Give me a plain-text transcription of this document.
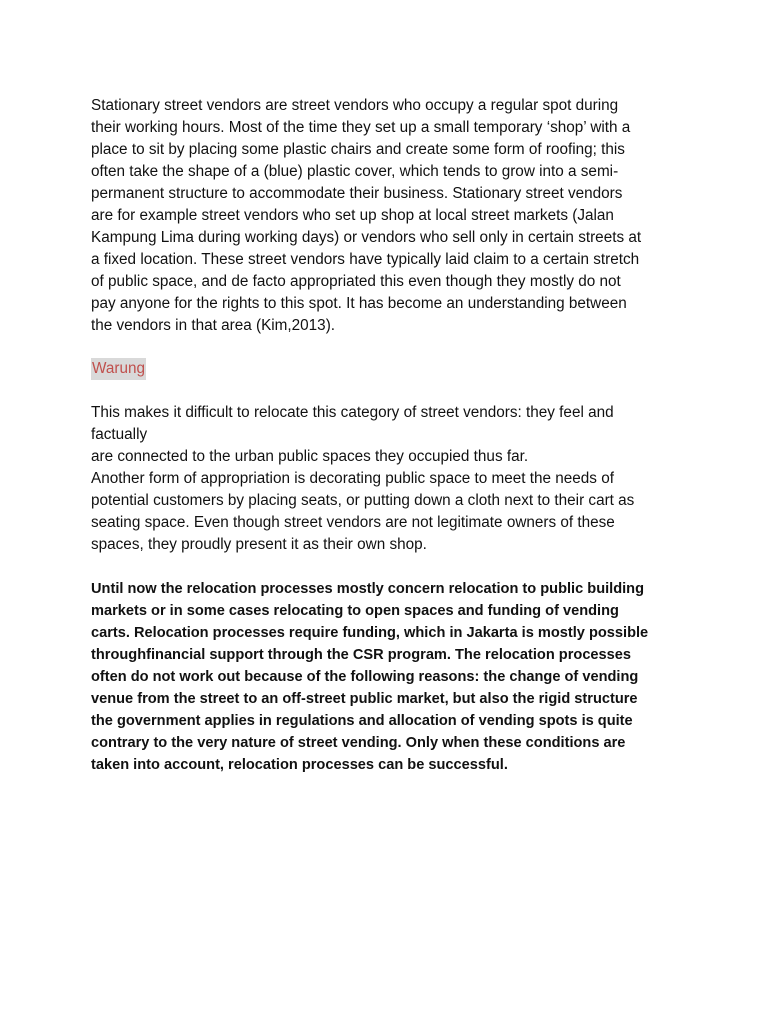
Stationary street vendors are street vendors who occupy a regular spot during
their working hours. Most of the time they set up a small temporary ‘shop’ with a
place to sit by placing some plastic chairs and create some form of roofing; this
often take the shape of a (blue) plastic cover, which tends to grow into a semi-
permanent structure to accommodate their business. Stationary street vendors
are for example street vendors who set up shop at local street markets (Jalan
Kampung Lima during working days) or vendors who sell only in certain streets at
a fixed location. These street vendors have typically laid claim to a certain stretch
of public space, and de facto appropriated this even though they mostly do not
pay anyone for the rights to this spot. It has become an understanding between
the vendors in that area (Kim,2013).

Warung

This makes it difficult to relocate this category of street vendors: they feel and
factually
are connected to the urban public spaces they occupied thus far.
Another form of appropriation is decorating public space to meet the needs of
potential customers by placing seats, or putting down a cloth next to their cart as
seating space. Even though street vendors are not legitimate owners of these
spaces, they proudly present it as their own shop.

Until now the relocation processes mostly concern relocation to public building
markets or in some cases relocating to open spaces and funding of vending
carts. Relocation processes require funding, which in Jakarta is mostly possible
throughfinancial support through the CSR program. The relocation processes
often do not work out because of the following reasons: the change of vending
venue from the street to an off-street public market, but also the rigid structure
the government applies in regulations and allocation of vending spots is quite
contrary to the very nature of street vending. Only when these conditions are
taken into account, relocation processes can be successful.
